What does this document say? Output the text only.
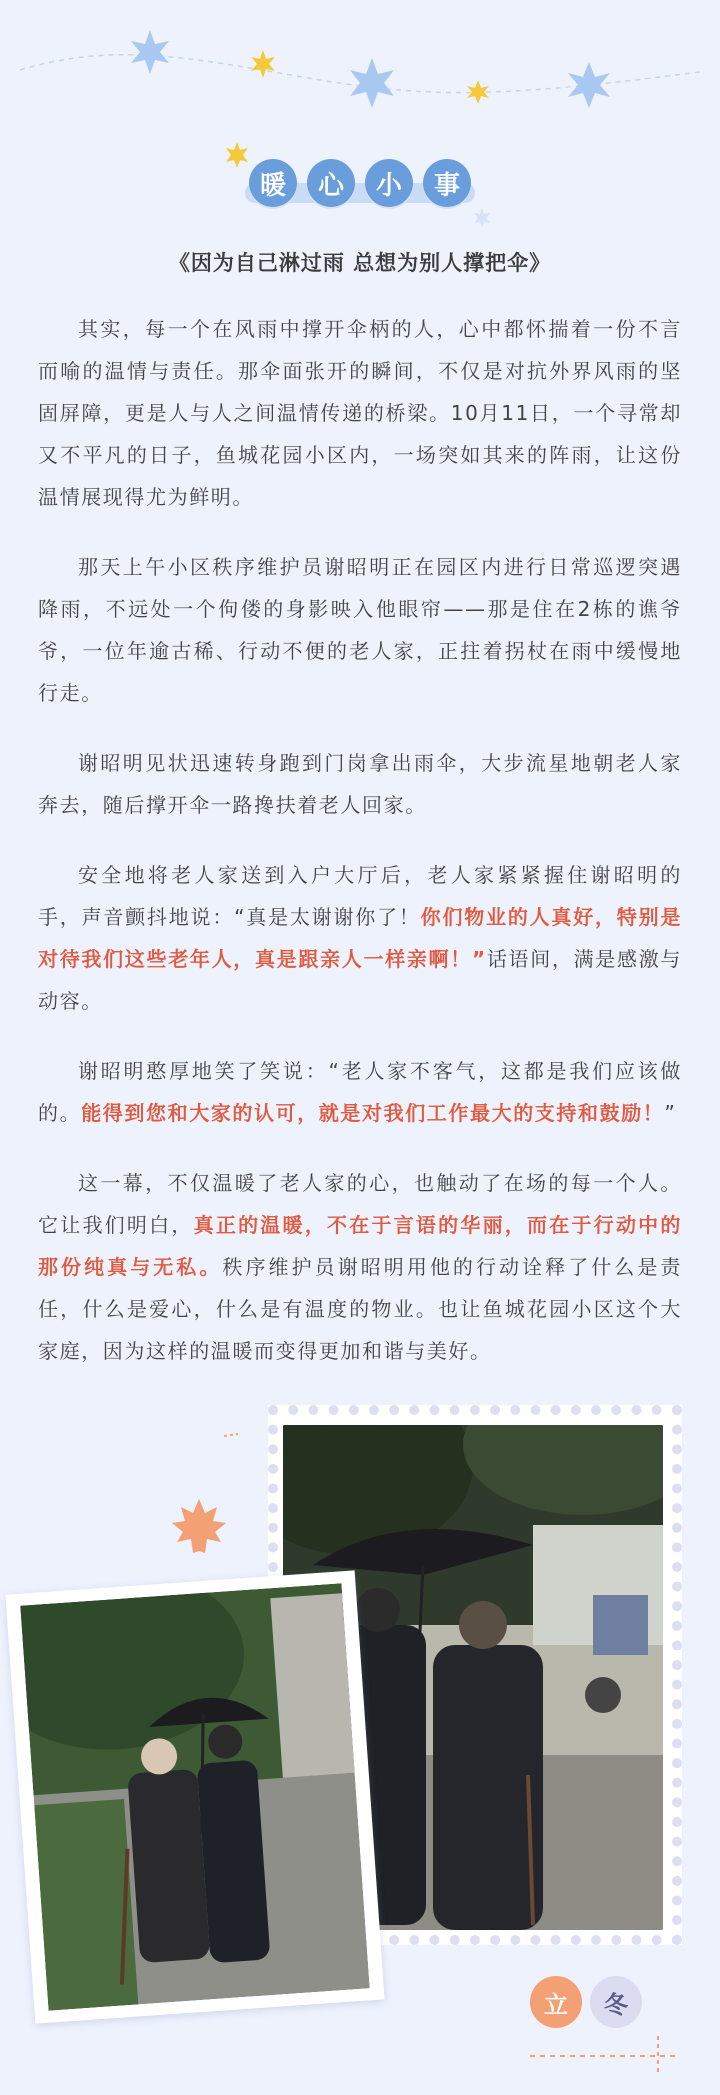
暖	心	小	事
《因为自己淋过雨 总想为别人撑把伞》

其实，每一个在风雨中撑开伞柄的人，心中都怀揣着一份不言而喻的温情与责任。那伞面张开的瞬间，不仅是对抗外界风雨的坚固屏障，更是人与人之间温情传递的桥梁。10月11日，一个寻常却又不平凡的日子，鱼城花园小区内，一场突如其来的阵雨，让这份温情展现得尤为鲜明。

那天上午小区秩序维护员谢昭明正在园区内进行日常巡逻突遇降雨，不远处一个佝偻的身影映入他眼帘——那是住在2栋的谯爷爷，一位年逾古稀、行动不便的老人家，正拄着拐杖在雨中缓慢地行走。

谢昭明见状迅速转身跑到门岗拿出雨伞，大步流星地朝老人家奔去，随后撑开伞一路搀扶着老人回家。

安全地将老人家送到入户大厅后，老人家紧紧握住谢昭明的手，声音颤抖地说：“真是太谢谢你了！你们物业的人真好，特别是对待我们这些老年人，真是跟亲人一样亲啊！”话语间，满是感激与动容。

谢昭明憨厚地笑了笑说：“老人家不客气，这都是我们应该做的。能得到您和大家的认可，就是对我们工作最大的支持和鼓励！”

这一幕，不仅温暖了老人家的心，也触动了在场的每一个人。它让我们明白，真正的温暖，不在于言语的华丽，而在于行动中的那份纯真与无私。秩序维护员谢昭明用他的行动诠释了什么是责任，什么是爱心，什么是有温度的物业。也让鱼城花园小区这个大家庭，因为这样的温暖而变得更加和谐与美好。

立	冬
